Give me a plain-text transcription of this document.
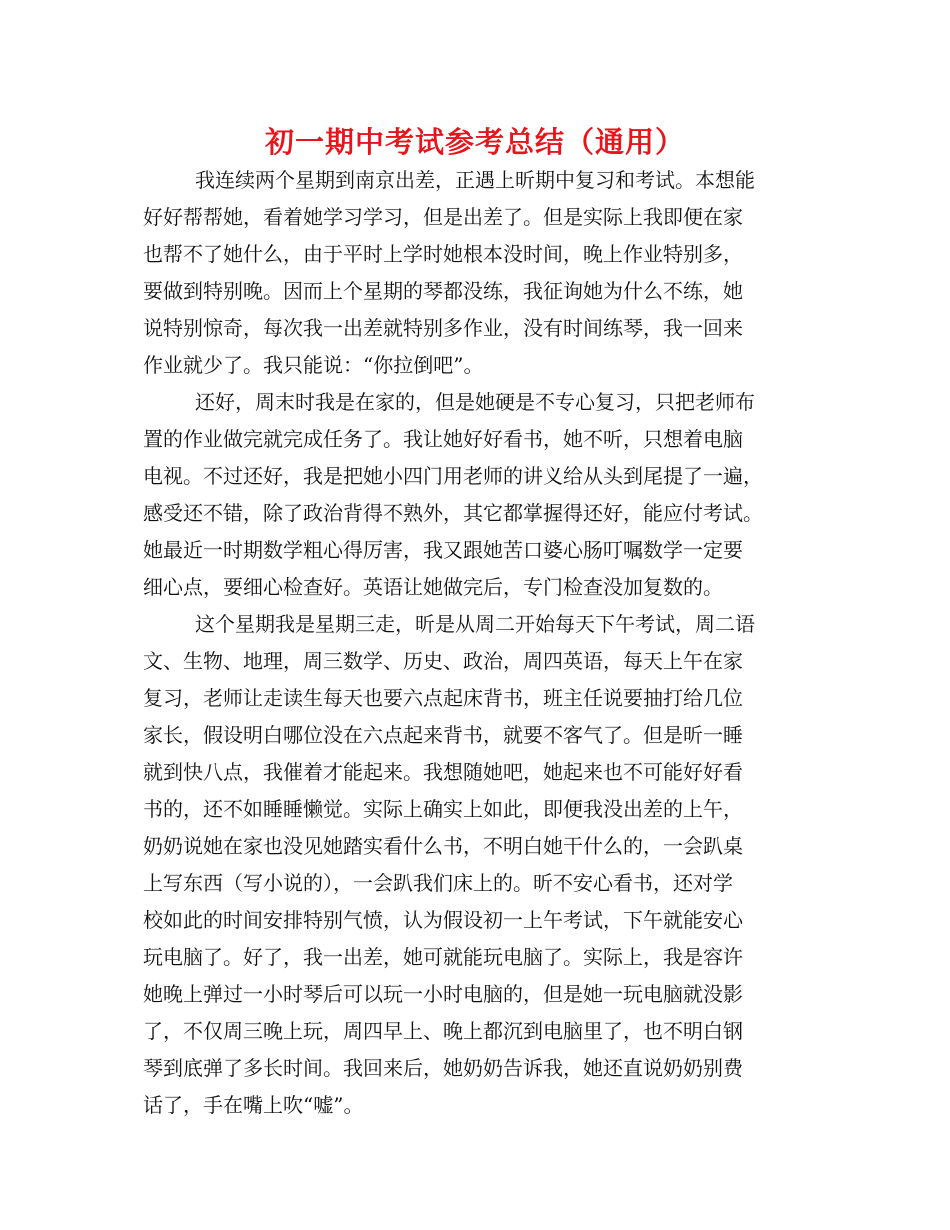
初一期中考试参考总结（通用）

我连续两个星期到南京出差，正遇上昕期中复习和考试。本想能
好好帮帮她，看着她学习学习，但是出差了。但是实际上我即便在家
也帮不了她什么，由于平时上学时她根本没时间，晚上作业特别多，
要做到特别晚。因而上个星期的琴都没练，我征询她为什么不练，她
说特别惊奇，每次我一出差就特别多作业，没有时间练琴，我一回来
作业就少了。我只能说：“你拉倒吧”。

还好，周末时我是在家的，但是她硬是不专心复习，只把老师布
置的作业做完就完成任务了。我让她好好看书，她不听，只想着电脑
电视。不过还好，我是把她小四门用老师的讲义给从头到尾提了一遍，
感受还不错，除了政治背得不熟外，其它都掌握得还好，能应付考试。
她最近一时期数学粗心得厉害，我又跟她苦口婆心肠叮嘱数学一定要
细心点，要细心检查好。英语让她做完后，专门检查没加复数的。

这个星期我是星期三走，昕是从周二开始每天下午考试，周二语
文、生物、地理，周三数学、历史、政治，周四英语，每天上午在家
复习，老师让走读生每天也要六点起床背书，班主任说要抽打给几位
家长，假设明白哪位没在六点起来背书，就要不客气了。但是昕一睡
就到快八点，我催着才能起来。我想随她吧，她起来也不可能好好看
书的，还不如睡睡懒觉。实际上确实上如此，即便我没出差的上午，
奶奶说她在家也没见她踏实看什么书，不明白她干什么的，一会趴桌
上写东西（写小说的），一会趴我们床上的。昕不安心看书，还对学
校如此的时间安排特别气愤，认为假设初一上午考试，下午就能安心
玩电脑了。好了，我一出差，她可就能玩电脑了。实际上，我是容许
她晚上弹过一小时琴后可以玩一小时电脑的，但是她一玩电脑就没影
了，不仅周三晚上玩，周四早上、晚上都沉到电脑里了，也不明白钢
琴到底弹了多长时间。我回来后，她奶奶告诉我，她还直说奶奶别费
话了，手在嘴上吹“嘘”。
